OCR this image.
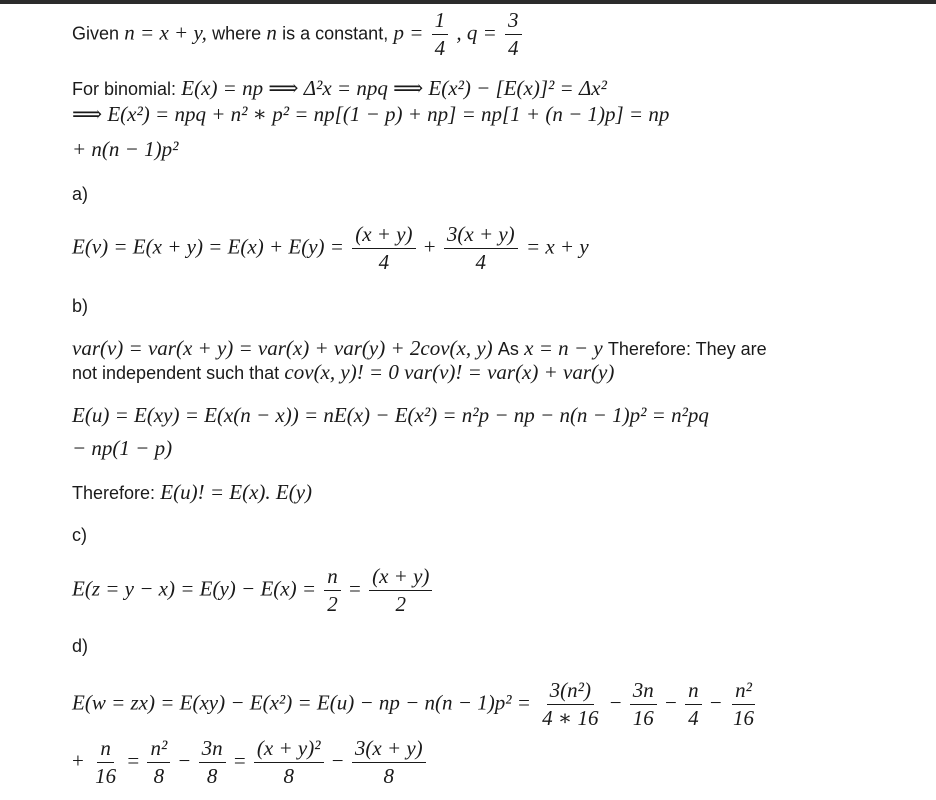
Given n = x + y, where n is a constant, $p = \frac{1}{4}$ , $q = \frac{3}{4}$
For binomial: E(x) = np ⟹ Δ²x = npq ⟹ E(x²) − [E(x)]² = Δx²
⟹ E(x²) = npq + n² ∗ p² = np[(1 − p) + np] = np[1 + (n − 1)p] = np
+ n(n − 1)p²
a)
$E(v) = E(x + y) = E(x) + E(y) = \frac{(x + y)}{4} + \frac{3(x + y)}{4} = x + y$
b)
var(v) = var(x + y) = var(x) + var(y) + 2cov(x, y) As x = n − y Therefore: They are
not independent such that cov(x, y)! = 0 var(v)! = var(x) + var(y)
E(u) = E(xy) = E(x(n − x)) = nE(x) − E(x²) = n²p − np − n(n − 1)p² = n²pq
− np(1 − p)
Therefore: E(u)! = E(x). E(y)
c)
$E(z = y - x) = E(y) - E(x) = \frac{n}{2} = \frac{(x + y)}{2}$
d)
E(w = zx) = E(xy) − E(x²) = E(u) − np − $n(n - 1)p^2 = \frac{\text{3(n²)}}{4 ∗ 16} - \frac{3n}{16} - \frac{n}{4} - \frac{\text{n²}}{16}$
+ $\frac{n}{16} = \frac{\text{n²}}{8} - \frac{3n}{8} = \frac{\text{(x + y)²}}{8} - \frac{3(x + y)}{8}$
